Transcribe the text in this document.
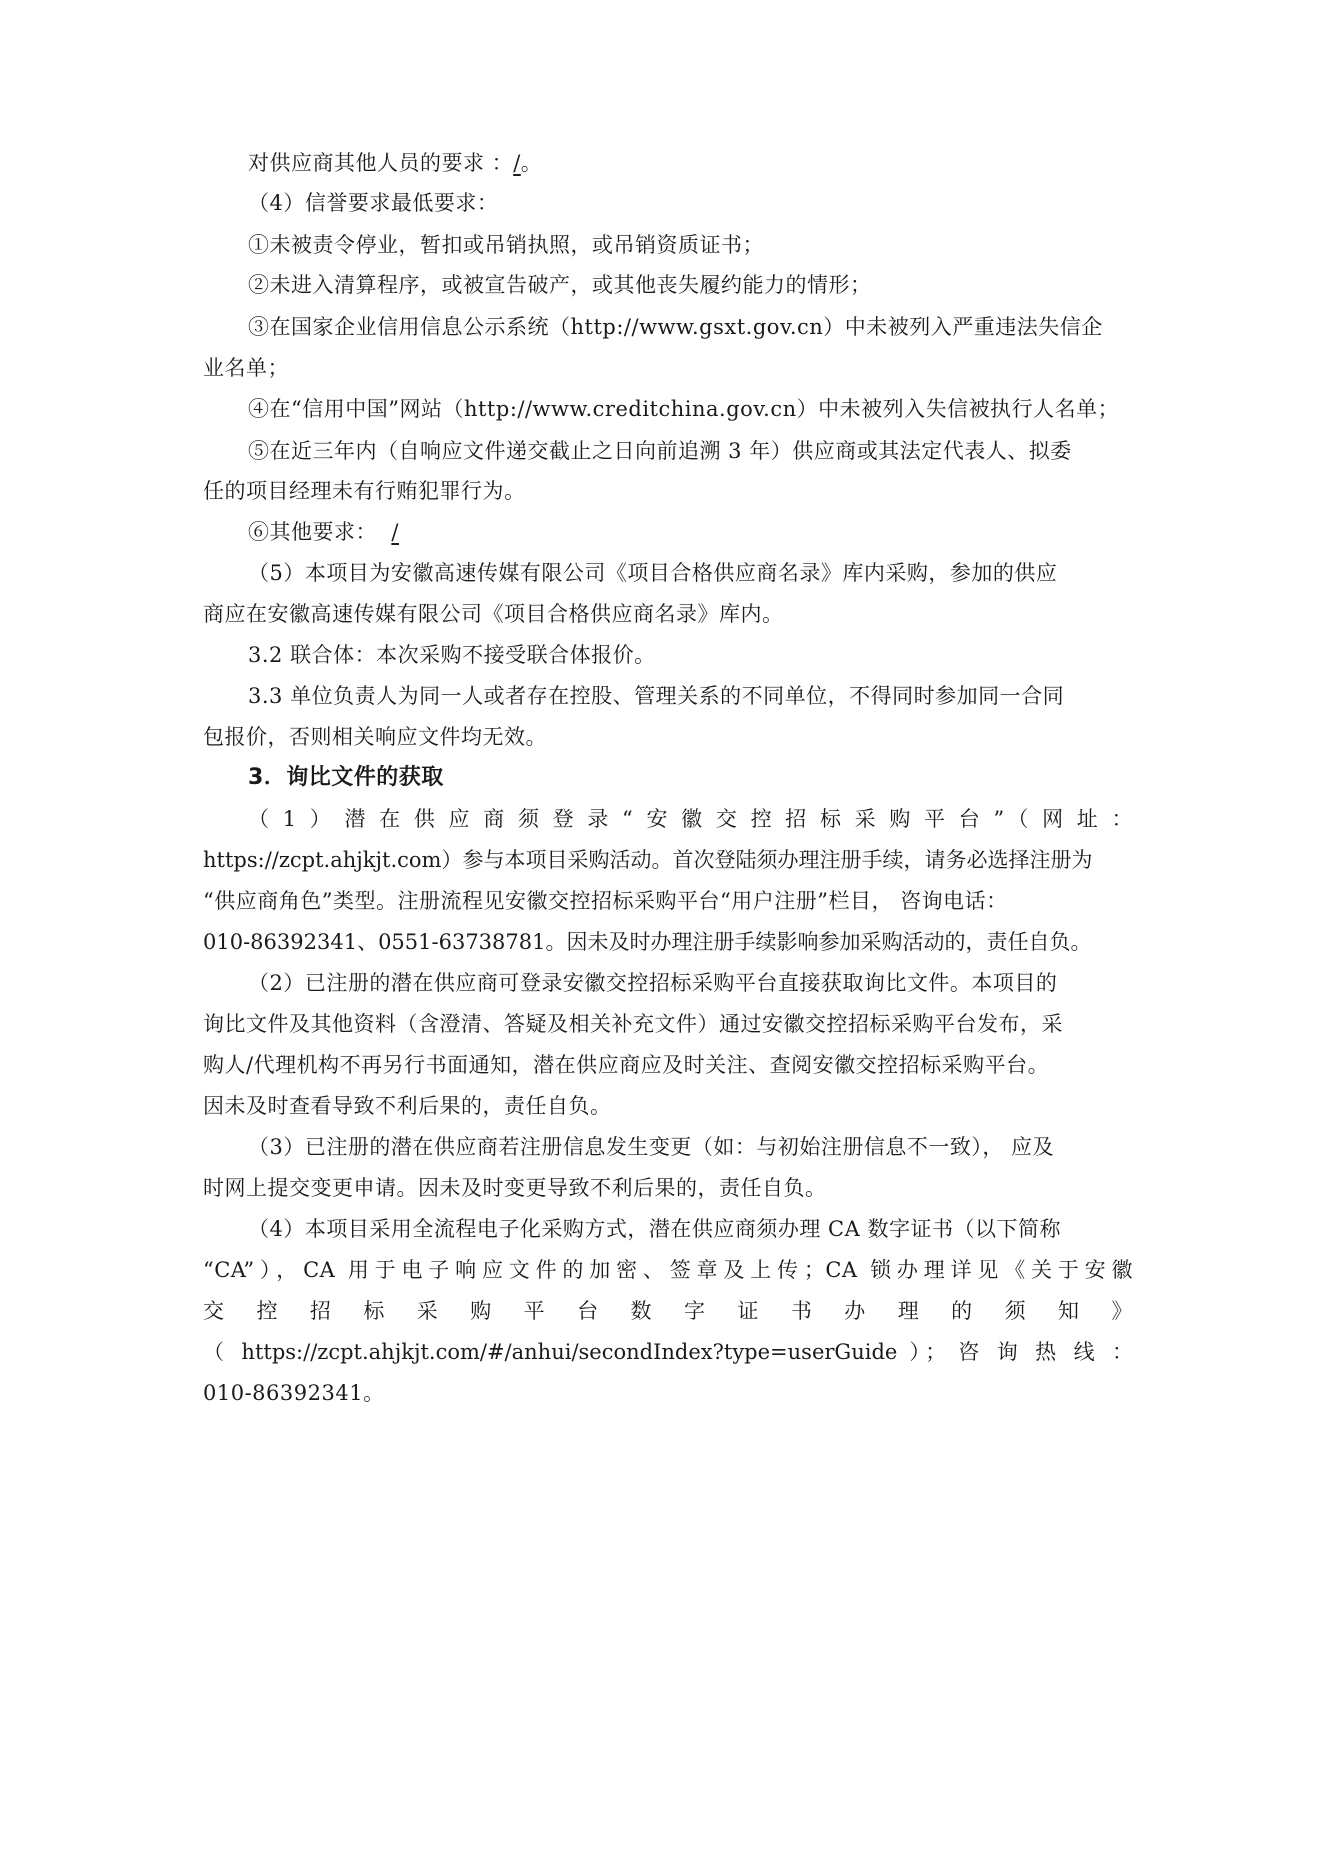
对供应商其他人员的要求 ：/。
（4）信誉要求最低要求：
①未被责令停业，暂扣或吊销执照，或吊销资质证书；
②未进入清算程序，或被宣告破产，或其他丧失履约能力的情形；
③在国家企业信用信息公示系统（http://www.gsxt.gov.cn）中未被列入严重违法失信企
业名单；
④在“信用中国”网站（http://www.creditchina.gov.cn）中未被列入失信被执行人名单；
⑤在近三年内（自响应文件递交截止之日向前追溯 3 年）供应商或其法定代表人、拟委
任的项目经理未有行贿犯罪行为。
⑥其他要求：  /
（5）本项目为安徽高速传媒有限公司《项目合格供应商名录》库内采购，参加的供应
商应在安徽高速传媒有限公司《项目合格供应商名录》库内。
3.2 联合体：本次采购不接受联合体报价。
3.3 单位负责人为同一人或者存在控股、管理关系的不同单位，不得同时参加同一合同
包报价，否则相关响应文件均无效。
3．询比文件的获取
（1）潜在供应商须登录“安徽交控招标采购平台”（网址：
https://zcpt.ahjkjt.com）参与本项目采购活动。首次登陆须办理注册手续，请务必选择注册为
“供应商角色”类型。注册流程见安徽交控招标采购平台“用户注册”栏目， 咨询电话：
010-86392341、0551-63738781。因未及时办理注册手续影响参加采购活动的，责任自负。
（2）已注册的潜在供应商可登录安徽交控招标采购平台直接获取询比文件。本项目的
询比文件及其他资料（含澄清、答疑及相关补充文件）通过安徽交控招标采购平台发布，采
购人/代理机构不再另行书面通知，潜在供应商应及时关注、查阅安徽交控招标采购平台。
因未及时查看导致不利后果的，责任自负。
（3）已注册的潜在供应商若注册信息发生变更（如：与初始注册信息不一致）， 应及
时网上提交变更申请。因未及时变更导致不利后果的，责任自负。
（4）本项目采用全流程电子化采购方式，潜在供应商须办理 CA 数字证书（以下简称
“CA”），CA 用于电子响应文件的加密、签章及上传；CA 锁办理详见《关于安徽
交控招标采购平台数字证书办理的须知》
（ https://zcpt.ahjkjt.com/#/anhui/secondIndex?type=userGuide ）； 咨 询 热 线 ：
010-86392341。
